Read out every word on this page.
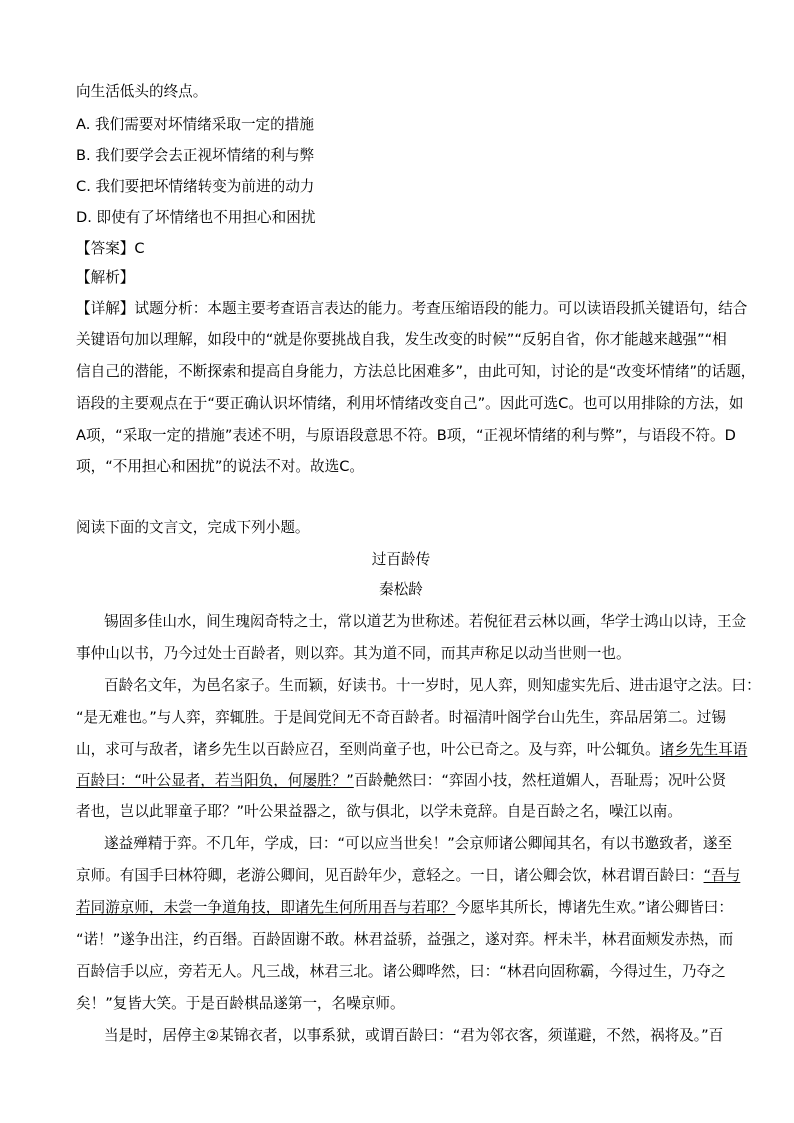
向生活低头的终点。
A. 我们需要对坏情绪采取一定的措施
B. 我们要学会去正视坏情绪的利与弊
C. 我们要把坏情绪转变为前进的动力
D. 即使有了坏情绪也不用担心和困扰
【答案】C
【解析】
【详解】试题分析：本题主要考查语言表达的能力。考查压缩语段的能力。可以读语段抓关键语句，结合
关键语句加以理解，如段中的“就是你要挑战自我，发生改变的时候”“反躬自省，你才能越来越强”“相
信自己的潜能，不断探索和提高自身能力，方法总比困难多”，由此可知，讨论的是“改变坏情绪”的话题，
语段的主要观点在于“要正确认识坏情绪，利用坏情绪改变自己”。因此可选C。也可以用排除的方法，如
A项，“采取一定的措施”表述不明，与原语段意思不符。B项，“正视坏情绪的利与弊”，与语段不符。D
项，“不用担心和困扰”的说法不对。故选C。
阅读下面的文言文，完成下列小题。
过百龄传
秦松龄
锡固多佳山水，间生瑰闳奇特之士，常以道艺为世称述。若倪征君云林以画，华学士鸿山以诗，王佥
事仲山以书，乃今过处士百龄者，则以弈。其为道不同，而其声称足以动当世则一也。
百龄名文年，为邑名家子。生而颖，好读书。十一岁时，见人弈，则知虚实先后、进击退守之法。曰：
“是无难也。”与人弈，弈辄胜。于是闾党间无不奇百龄者。时福清叶阁学台山先生，弈品居第二。过锡
山，求可与敌者，诸乡先生以百龄应召，至则尚童子也，叶公已奇之。及与弈，叶公辄负。诸乡先生耳语
百龄曰：“叶公显者，若当阳负，何屡胜？”百龄艴然曰：“弈固小技，然枉道媚人，吾耻焉；况叶公贤
者也，岂以此罪童子耶？”叶公果益器之，欲与俱北，以学未竟辞。自是百龄之名，噪江以南。
遂益殚精于弈。不几年，学成，曰：“可以应当世矣！”会京师诸公卿闻其名，有以书邀致者，遂至
京师。有国手曰林符卿，老游公卿间，见百龄年少，意轻之。一日，诸公卿会饮，林君谓百龄曰：“吾与
若同游京师，未尝一争道角技，即诸先生何所用吾与若耶？今愿毕其所长，博诸先生欢。”诸公卿皆曰：
“诺！”遂争出注，约百缗。百龄固谢不敢。林君益骄，益强之，遂对弈。枰未半，林君面颊发赤热，而
百龄信手以应，旁若无人。凡三战，林君三北。诸公卿哗然，曰：“林君向固称霸，今得过生，乃夺之
矣！”复皆大笑。于是百龄棋品遂第一，名噪京师。
当是时，居停主②某锦衣者，以事系狱，或谓百龄曰：“君为邻衣客，须谨避，不然，祸将及。”百
